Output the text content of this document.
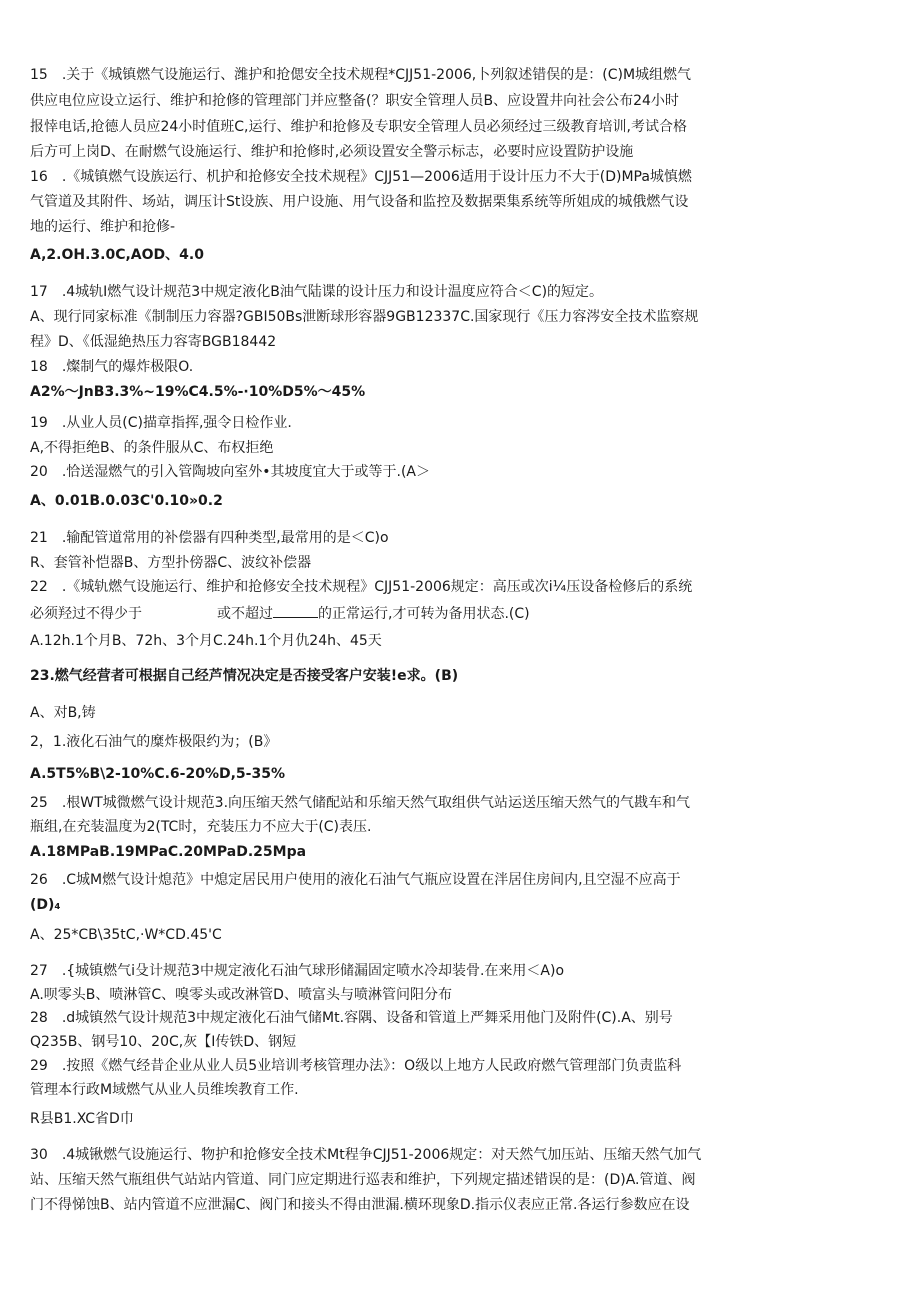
15　.关于《城镇燃气设施运行、潍护和抢偲安全技术规程*CJJ51-2006,卜列叙述错俣的是：(C)M城组燃气
供应电位应设立运行、维护和抢修的管理部门并应整备(？职安全管理人员B、应设置井向社会公布24小时
报悻电话,抢德人员应24小时值班C,运行、维护和抢修及专职安全管理人员必须经过三级教育培训,考试合格
后方可上岗D、在耐燃气设施运行、维护和抢修时,必须设置安全警示标志，必要时应设置防护设施
16　.《城镇燃气设族运行、机护和抢修安全技术规程》CJJ51—2006适用于设计压力不大于(D)MPa城慎燃
气管道及其附件、场站，调压计St设族、用户设施、用气设备和监控及数据栗集系统等所姐成的城俄燃气设
地的运行、维护和抢修-
A,2.OH.3.0C,AOD、4.0
17　.4城轨I燃气设计规范3中规定液化B油气陆谍的设计压力和设计温度应符合＜C)的短定。
A、现行同家标准《制制压力容器?GBI50Bs泄断球形容器9GB12337C.国家现行《压力容涔安全技术监察规
程》D、《低湿絶热压力容寄BGB18442
18　.燦制气的爆炸极限O.
A2%～JnB3.3%~19%C4.5%-·10%D5%～45%
19　.从业人员(C)描章指挥,强令日检作业.
A,不得拒绝B、的条件服从C、布权拒绝
20　.恰送湿燃气的引入管陶坡向室外•其坡度宜大于或等于.(A＞
A、0.01B.0.03C'0.10»0.2
21　.输配管道常用的补偿器有四种类型,最常用的是＜C)o
R、套管补恺器B、方型扑傍器C、波纹补偿器
22　.《城轨燃气设施运行、维护和抢修安全技术规程》CJJ51-2006规定：高压或次i¼压设备检修后的系统
必须羟过不得少于	或不超过	的正常运行,才可转为备用状态.(C)
A.12h.1个月B、72h、3个月C.24h.1个月仇24h、45天
23.燃气经营者可根据自己经芦情况决定是否接受客户安装!e求。(B)
A、对B,铸
2，1.液化石油气的糜炸极限约为；(B》
A.5T5%B\2-10%C.6-20%D,5-35%
25　.根WT城微燃气设计规范3.向压缩天然气储配站和乐缩天然气取组供气站运送压缩天然气的气戡车和气
瓶组,在充装温度为2(TC时，充装压力不应大于(C)表压.
A.18MPaB.19MPaC.20MPaD.25Mpa
26　.C城M燃气设计熄范》中熄定居民用户使用的液化石油气气瓶应设置在泮居住房间内,且空湿不应高于
(D)₄
A、25*CB\35tC,·W*CD.45'C
27　.{城镇燃气i殳计规范3中规定液化石油气球形储漏固定喷水冷却装骨.在来用＜A)o
A.呗零头B、喷淋管C、嗅零头或改淋管D、喷富头与喷淋管问阳分布
28　.d城镇然气设计规范3中规定液化石油气储Mt.容隅、设备和管道上严舞采用他门及附件(C).A、别号
Q235B、钢号10、20C,灰【I传铁D、钢短
29　.按照《燃气经昔企业从业人员5业培训考核管理办法》：O级以上地方人民政府燃气管理部门负责监科
管理本行政M域燃气从业人员维埃教育工作.
R县B1.XC省D巾
30　.4城锹燃气设施运行、物护和抢修安全技术Mt程争CJJ51-2006规定：对天然气加压站、压缩天然气加气
站、压缩天然气瓶组供气站站内管道、同门应定期进行巡表和维护，下列规定描述错误的是：(D)A.管道、阀
门不得悌蚀B、站内管道不应泄漏C、阀门和接头不得由泄漏.横环现象D.指示仪表应正常.各运行参数应在设
